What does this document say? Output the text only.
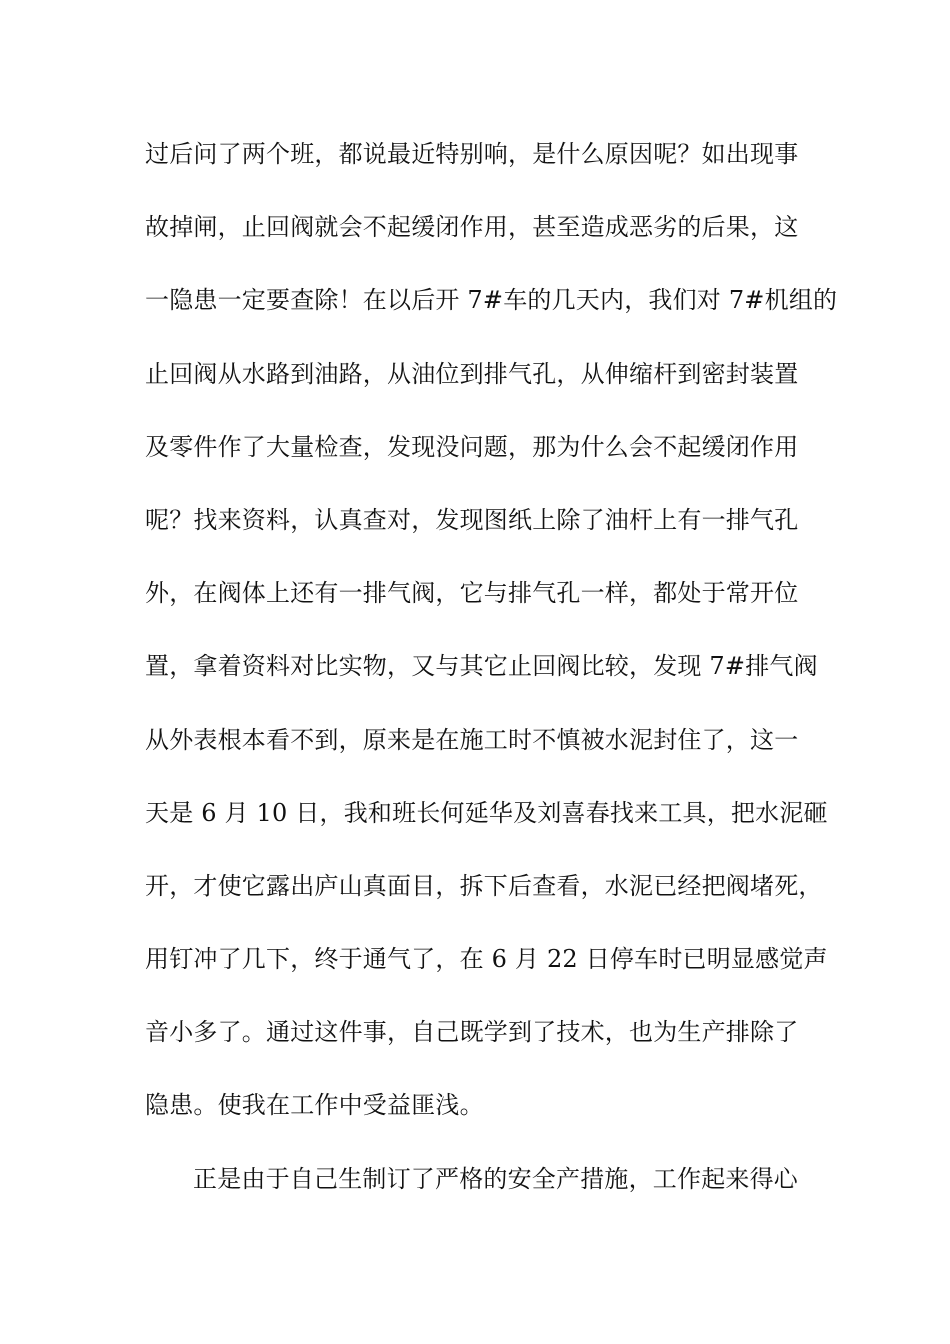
过后问了两个班，都说最近特别响，是什么原因呢？如出现事
故掉闸，止回阀就会不起缓闭作用，甚至造成恶劣的后果，这
一隐患一定要查除！在以后开 7#车的几天内，我们对 7#机组的
止回阀从水路到油路，从油位到排气孔，从伸缩杆到密封装置
及零件作了大量检查，发现没问题，那为什么会不起缓闭作用
呢？找来资料，认真查对，发现图纸上除了油杆上有一排气孔
外，在阀体上还有一排气阀，它与排气孔一样，都处于常开位
置，拿着资料对比实物，又与其它止回阀比较，发现 7#排气阀
从外表根本看不到，原来是在施工时不慎被水泥封住了，这一
天是 6 月 10 日，我和班长何延华及刘喜春找来工具，把水泥砸
开，才使它露出庐山真面目，拆下后查看，水泥已经把阀堵死，
用钉冲了几下，终于通气了，在 6 月 22 日停车时已明显感觉声
音小多了。通过这件事，自己既学到了技术，也为生产排除了
隐患。使我在工作中受益匪浅。
正是由于自己生制订了严格的安全产措施，工作起来得心
